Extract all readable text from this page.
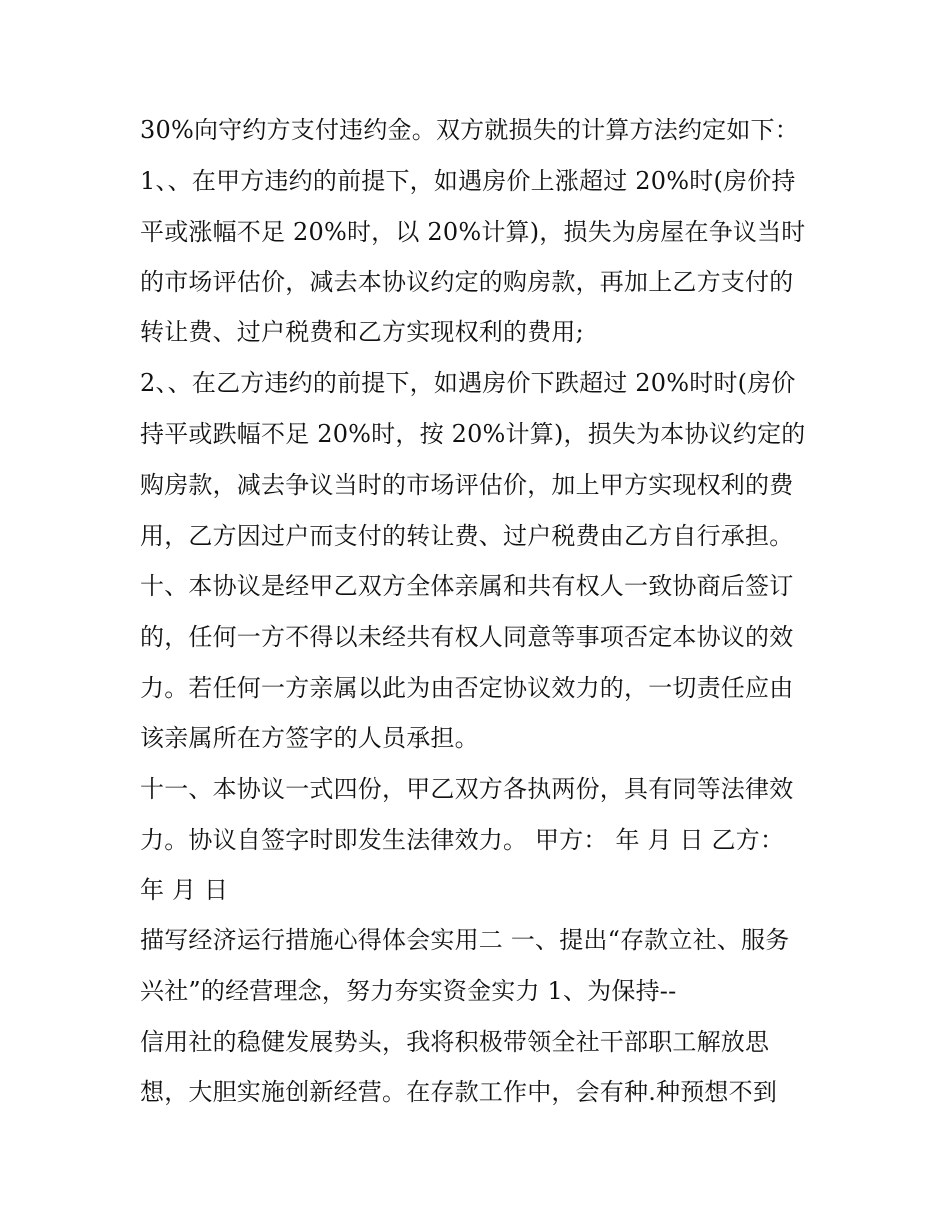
30%向守约方支付违约金。双方就损失的计算方法约定如下：
1、、在甲方违约的前提下，如遇房价上涨超过 20%时(房价持
平或涨幅不足 20%时，以 20%计算)，损失为房屋在争议当时
的市场评估价，减去本协议约定的购房款，再加上乙方支付的
转让费、过户税费和乙方实现权利的费用;
2、、在乙方违约的前提下，如遇房价下跌超过 20%时时(房价
持平或跌幅不足 20%时，按 20%计算)，损失为本协议约定的
购房款，减去争议当时的市场评估价，加上甲方实现权利的费
用，乙方因过户而支付的转让费、过户税费由乙方自行承担。
十、本协议是经甲乙双方全体亲属和共有权人一致协商后签订
的，任何一方不得以未经共有权人同意等事项否定本协议的效
力。若任何一方亲属以此为由否定协议效力的，一切责任应由
该亲属所在方签字的人员承担。
十一、本协议一式四份，甲乙双方各执两份，具有同等法律效
力。协议自签字时即发生法律效力。 甲方： 年 月 日 乙方：
年 月 日
描写经济运行措施心得体会实用二 一、提出“存款立社、服务
兴社”的经营理念，努力夯实资金实力 1、为保持--
信用社的稳健发展势头，我将积极带领全社干部职工解放思
想，大胆实施创新经营。在存款工作中，会有种.种预想不到
